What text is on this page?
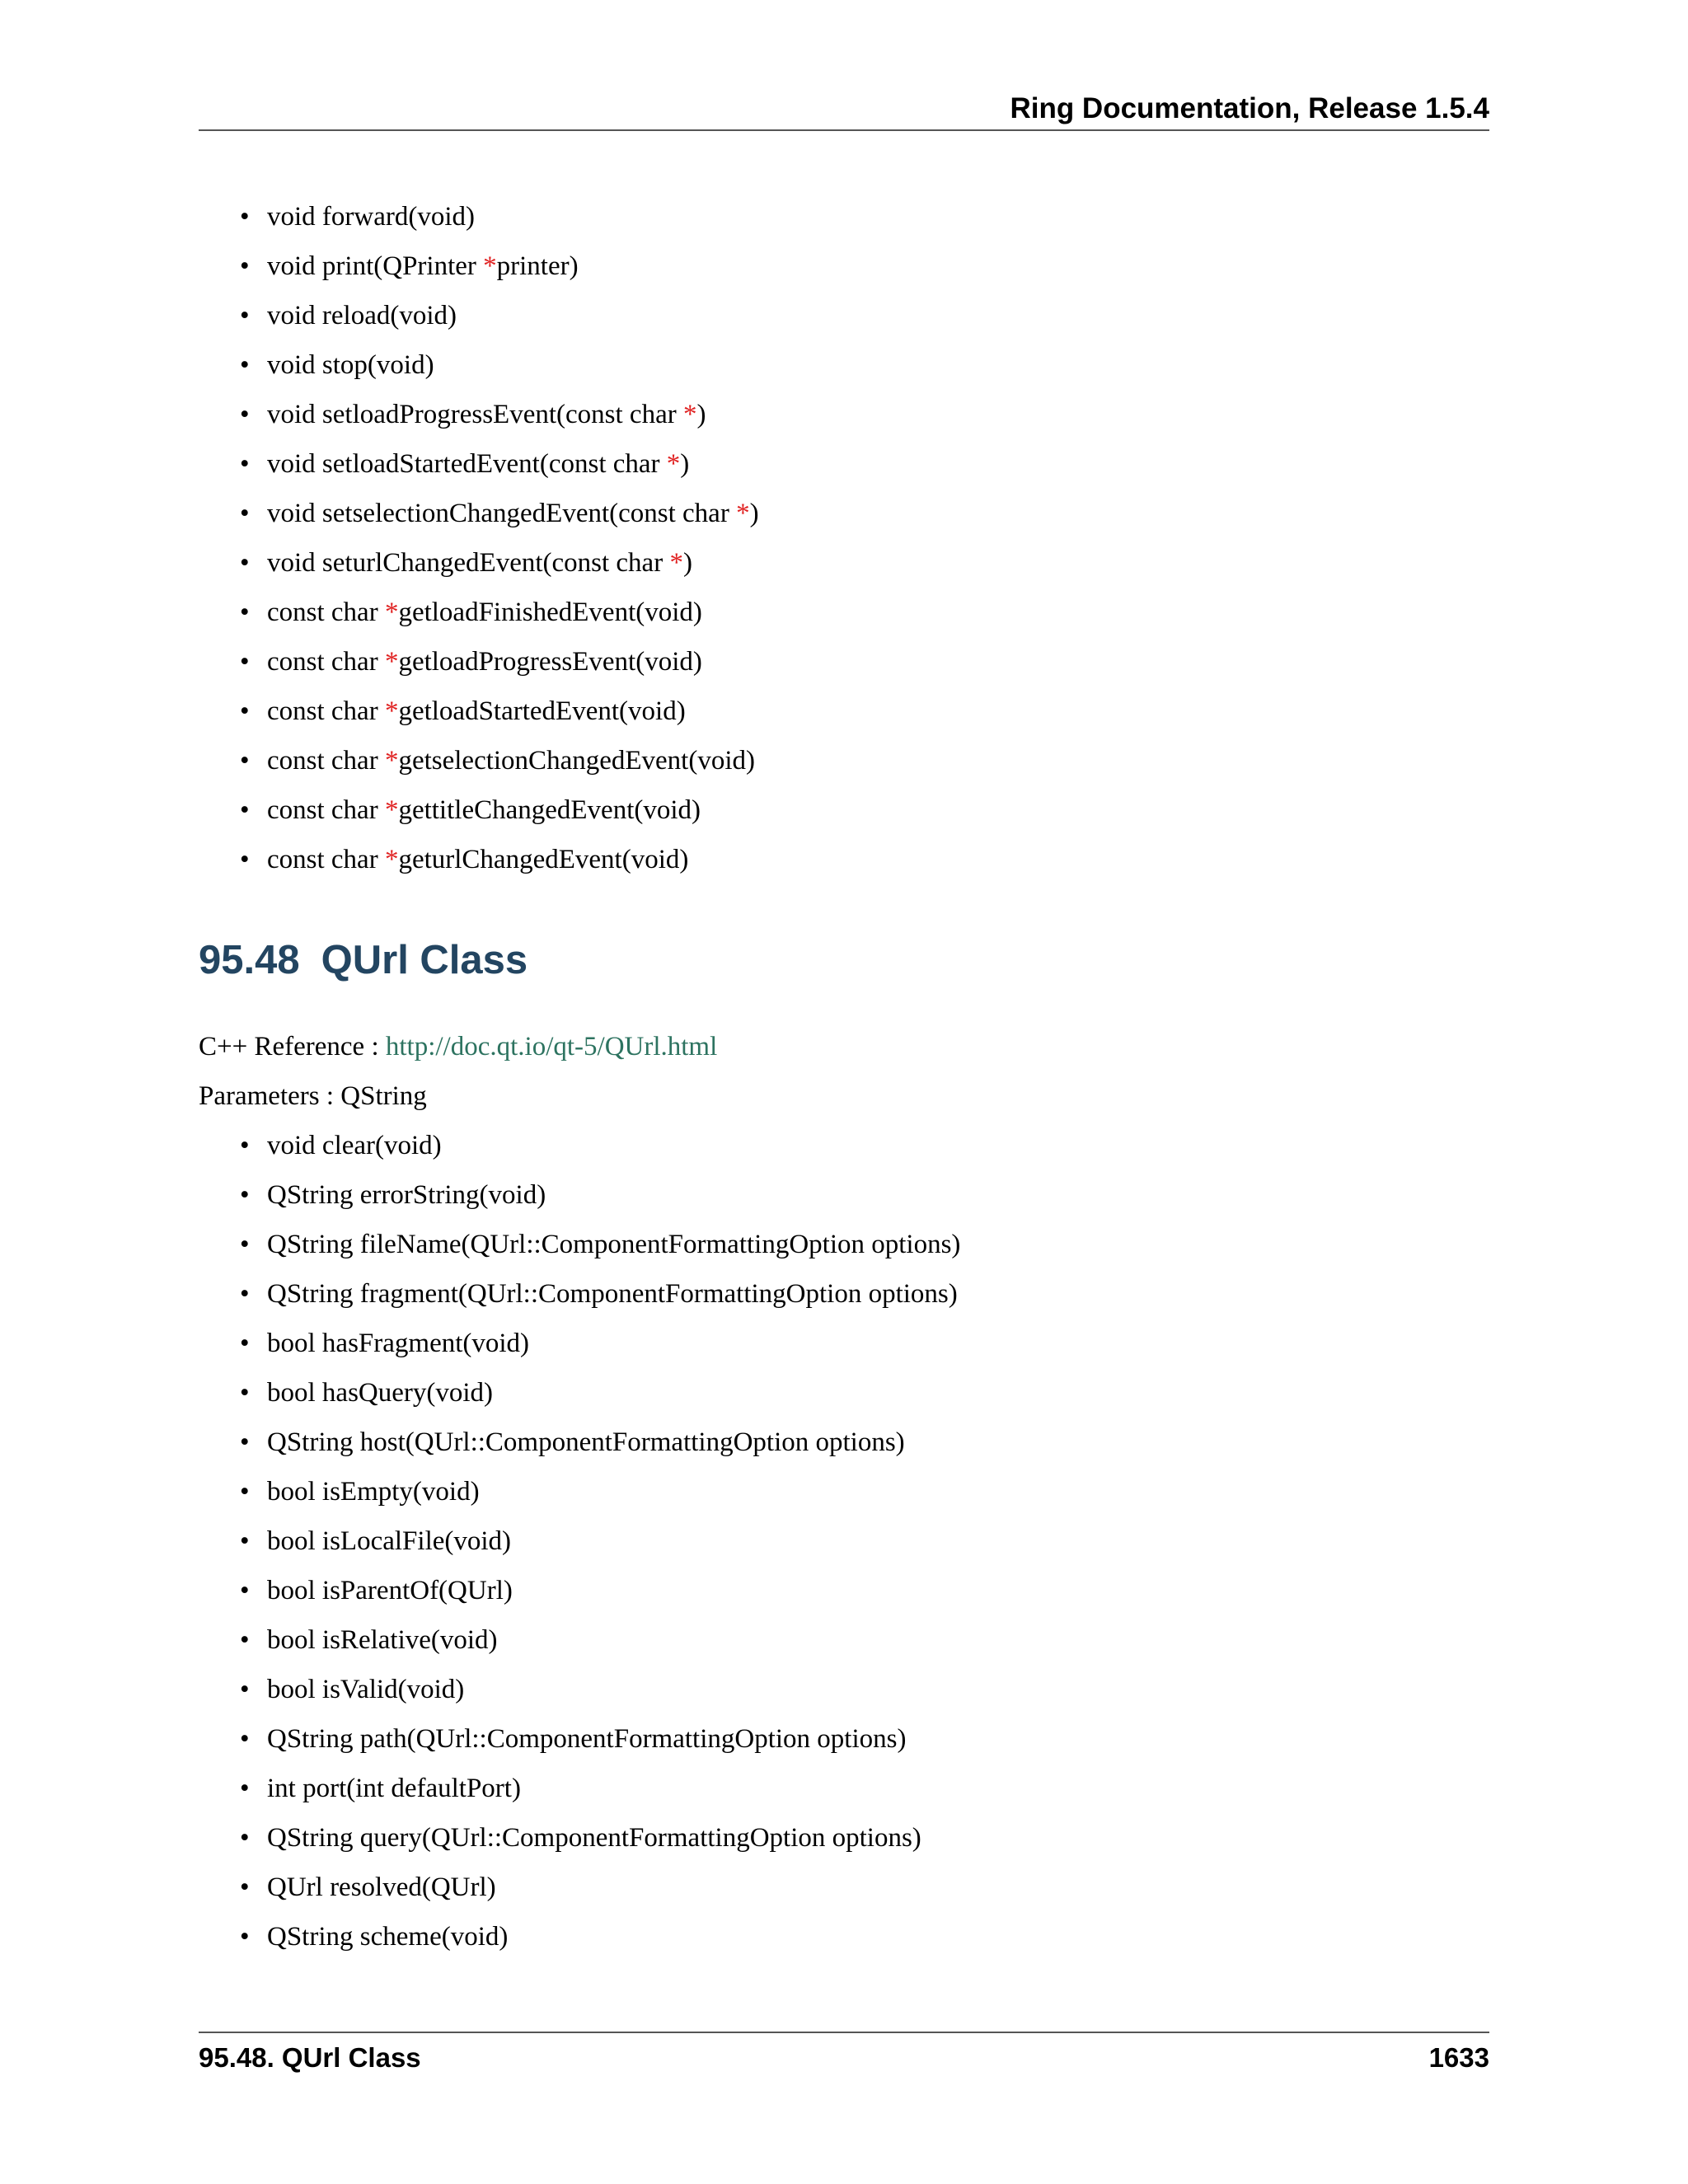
Ring Documentation, Release 1.5.4
• void forward(void)
• void print(QPrinter *printer)
• void reload(void)
• void stop(void)
• void setloadProgressEvent(const char *)
• void setloadStartedEvent(const char *)
• void setselectionChangedEvent(const char *)
• void seturlChangedEvent(const char *)
• const char *getloadFinishedEvent(void)
• const char *getloadProgressEvent(void)
• const char *getloadStartedEvent(void)
• const char *getselectionChangedEvent(void)
• const char *gettitleChangedEvent(void)
• const char *geturlChangedEvent(void)
95.48 QUrl Class
C++ Reference : http://doc.qt.io/qt-5/QUrl.html
Parameters : QString
• void clear(void)
• QString errorString(void)
• QString fileName(QUrl::ComponentFormattingOption options)
• QString fragment(QUrl::ComponentFormattingOption options)
• bool hasFragment(void)
• bool hasQuery(void)
• QString host(QUrl::ComponentFormattingOption options)
• bool isEmpty(void)
• bool isLocalFile(void)
• bool isParentOf(QUrl)
• bool isRelative(void)
• bool isValid(void)
• QString path(QUrl::ComponentFormattingOption options)
• int port(int defaultPort)
• QString query(QUrl::ComponentFormattingOption options)
• QUrl resolved(QUrl)
• QString scheme(void)
95.48. QUrl Class	1633
